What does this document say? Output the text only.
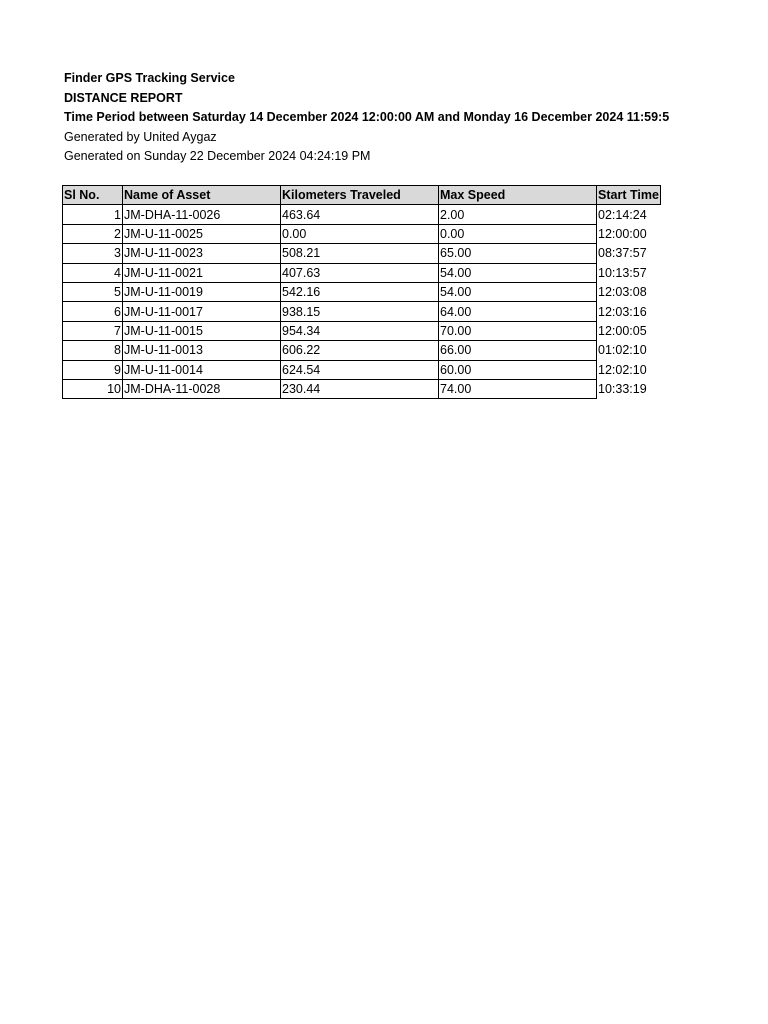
Finder GPS Tracking Service
DISTANCE REPORT
Time Period between Saturday 14 December 2024 12:00:00 AM and Monday 16 December 2024 11:59:5
Generated by United Aygaz
Generated on Sunday 22 December 2024 04:24:19 PM
Sl No.	Name of Asset	Kilometers Traveled	Max Speed	Start Time
1	JM-DHA-11-0026	463.64	2.00	02:14:24
2	JM-U-11-0025	0.00	0.00	12:00:00
3	JM-U-11-0023	508.21	65.00	08:37:57
4	JM-U-11-0021	407.63	54.00	10:13:57
5	JM-U-11-0019	542.16	54.00	12:03:08
6	JM-U-11-0017	938.15	64.00	12:03:16
7	JM-U-11-0015	954.34	70.00	12:00:05
8	JM-U-11-0013	606.22	66.00	01:02:10
9	JM-U-11-0014	624.54	60.00	12:02:10
10	JM-DHA-11-0028	230.44	74.00	10:33:19
